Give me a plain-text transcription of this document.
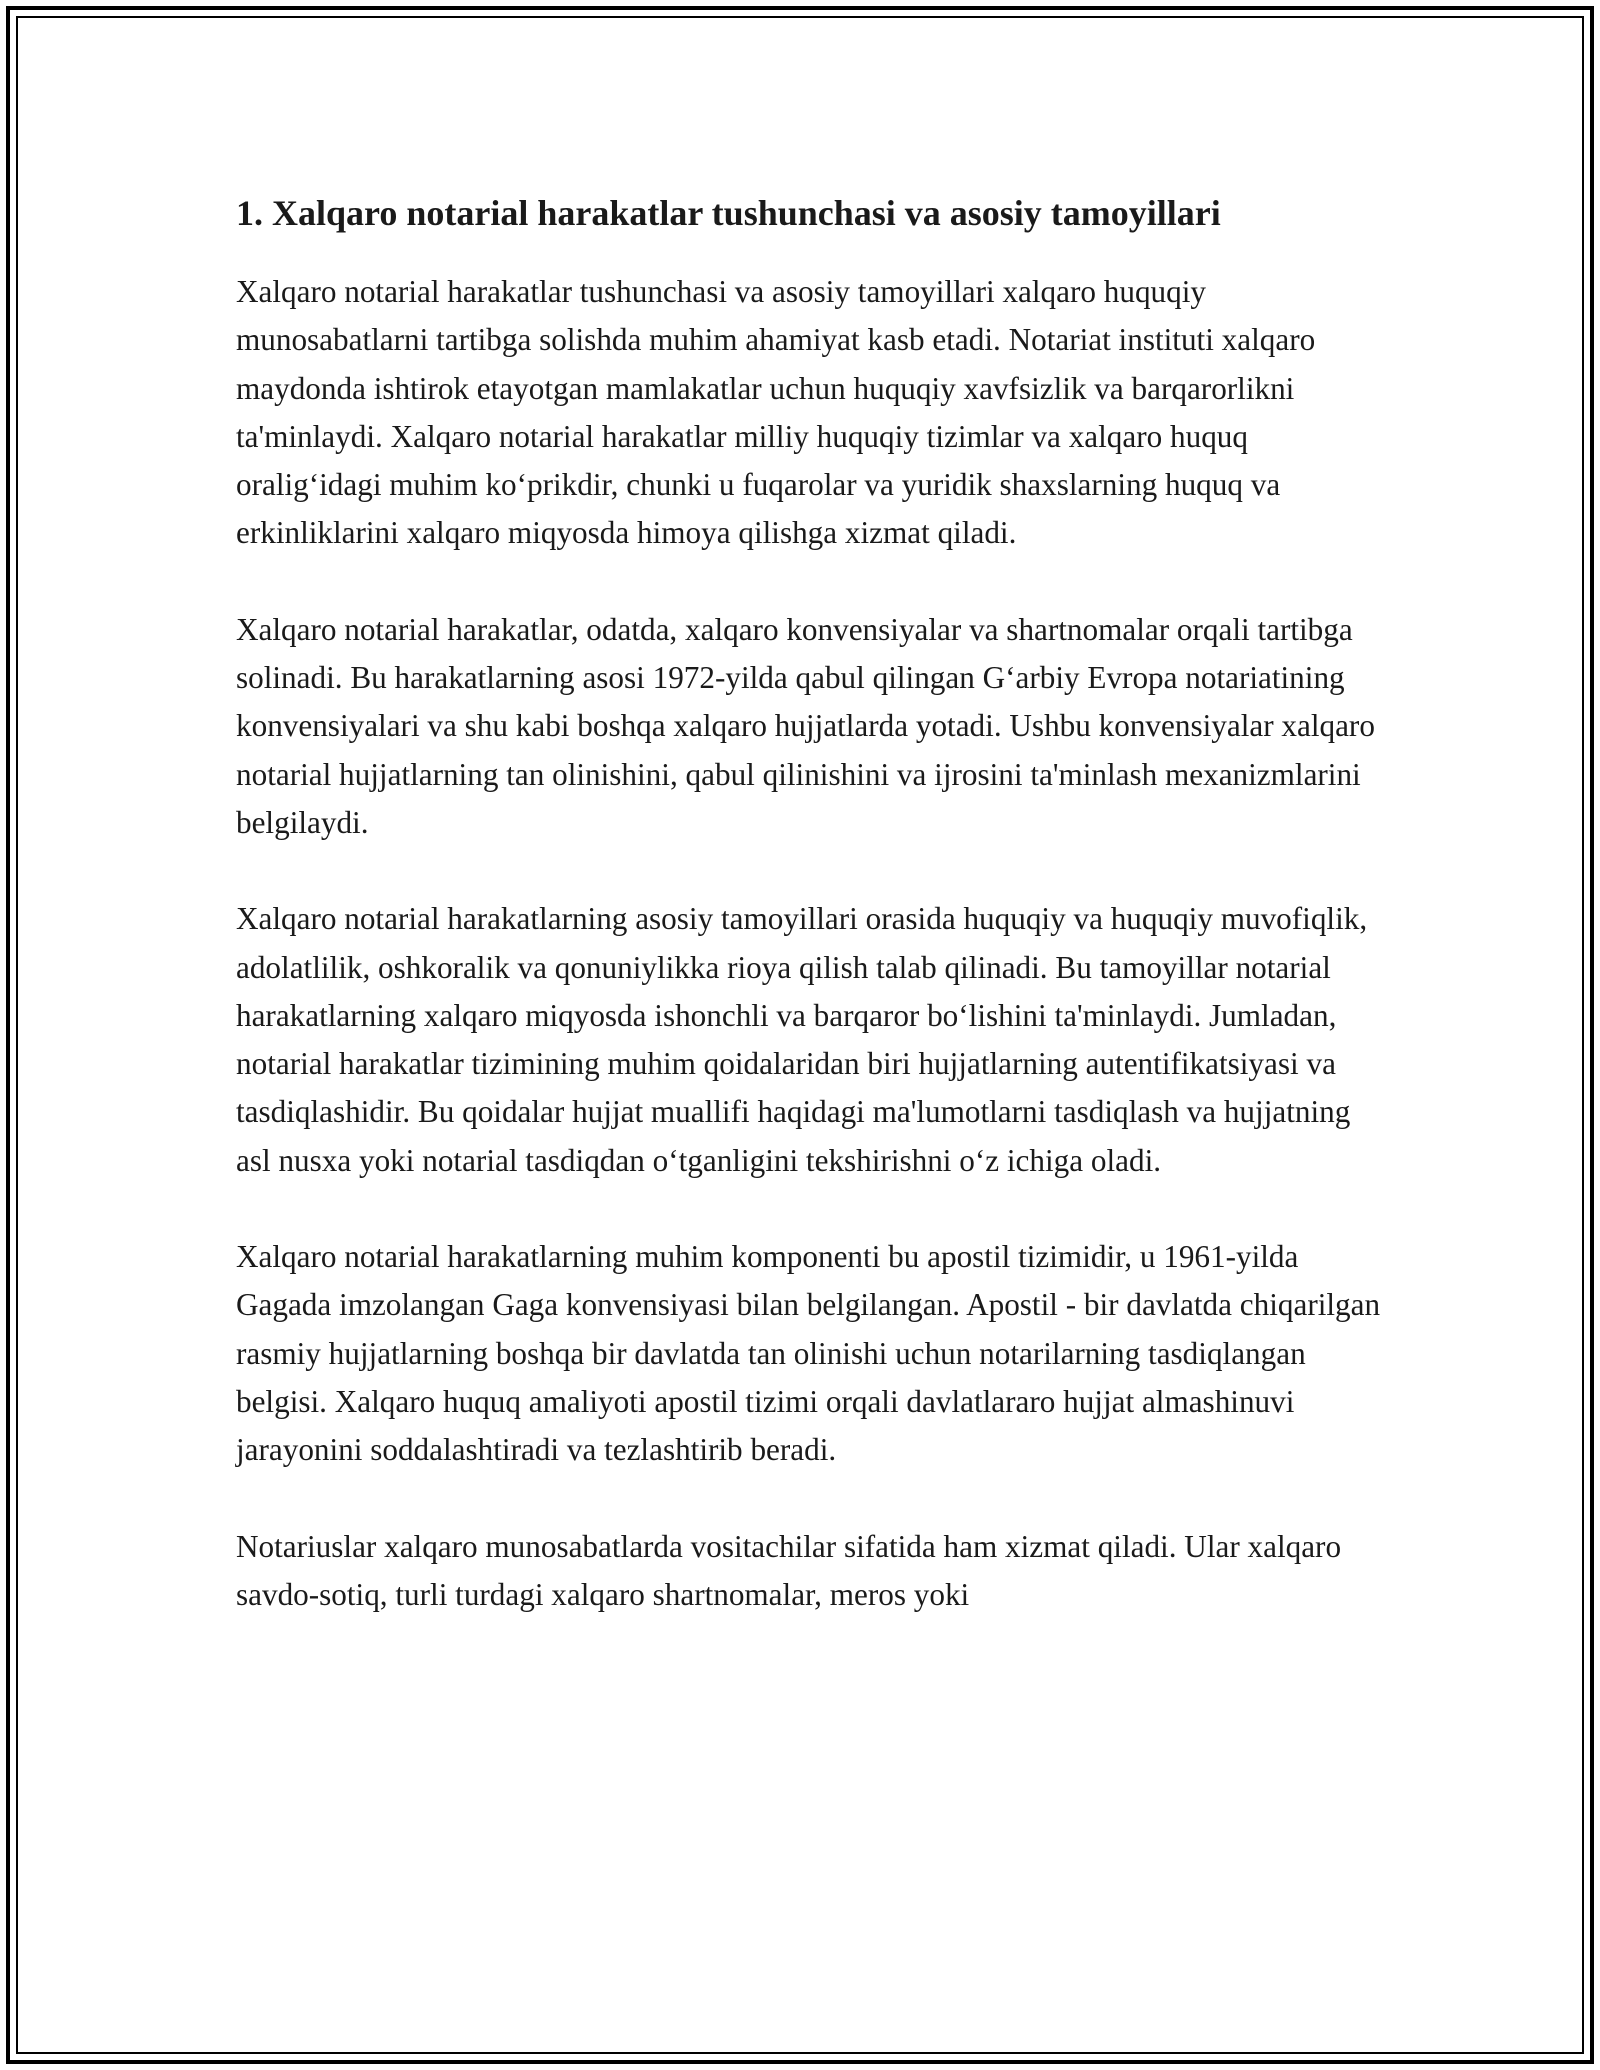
1. Xalqaro notarial harakatlar tushunchasi va asosiy tamoyillari

Xalqaro notarial harakatlar tushunchasi va asosiy tamoyillari xalqaro huquqiy munosabatlarni tartibga solishda muhim ahamiyat kasb etadi. Notariat instituti xalqaro maydonda ishtirok etayotgan mamlakatlar uchun huquqiy xavfsizlik va barqarorlikni ta'minlaydi. Xalqaro notarial harakatlar milliy huquqiy tizimlar va xalqaro huquq oralig‘idagi muhim ko‘prikdir, chunki u fuqarolar va yuridik shaxslarning huquq va erkinliklarini xalqaro miqyosda himoya qilishga xizmat qiladi.

Xalqaro notarial harakatlar, odatda, xalqaro konvensiyalar va shartnomalar orqali tartibga solinadi. Bu harakatlarning asosi 1972-yilda qabul qilingan G‘arbiy Evropa notariatining konvensiyalari va shu kabi boshqa xalqaro hujjatlarda yotadi. Ushbu konvensiyalar xalqaro notarial hujjatlarning tan olinishini, qabul qilinishini va ijrosini ta'minlash mexanizmlarini belgilaydi.

Xalqaro notarial harakatlarning asosiy tamoyillari orasida huquqiy va huquqiy muvofiqlik, adolatlilik, oshkoralik va qonuniylikka rioya qilish talab qilinadi. Bu tamoyillar notarial harakatlarning xalqaro miqyosda ishonchli va barqaror bo‘lishini ta'minlaydi. Jumladan, notarial harakatlar tizimining muhim qoidalaridan biri hujjatlarning autentifikatsiyasi va tasdiqlashidir. Bu qoidalar hujjat muallifi haqidagi ma'lumotlarni tasdiqlash va hujjatning asl nusxa yoki notarial tasdiqdan o‘tganligini tekshirishni o‘z ichiga oladi.

Xalqaro notarial harakatlarning muhim komponenti bu apostil tizimidir, u 1961-yilda Gagada imzolangan Gaga konvensiyasi bilan belgilangan. Apostil - bir davlatda chiqarilgan rasmiy hujjatlarning boshqa bir davlatda tan olinishi uchun notarilarning tasdiqlangan belgisi. Xalqaro huquq amaliyoti apostil tizimi orqali davlatlararo hujjat almashinuvi jarayonini soddalashtiradi va tezlashtirib beradi.

Notariuslar xalqaro munosabatlarda vositachilar sifatida ham xizmat qiladi. Ular xalqaro savdo-sotiq, turli turdagi xalqaro shartnomalar, meros yoki
